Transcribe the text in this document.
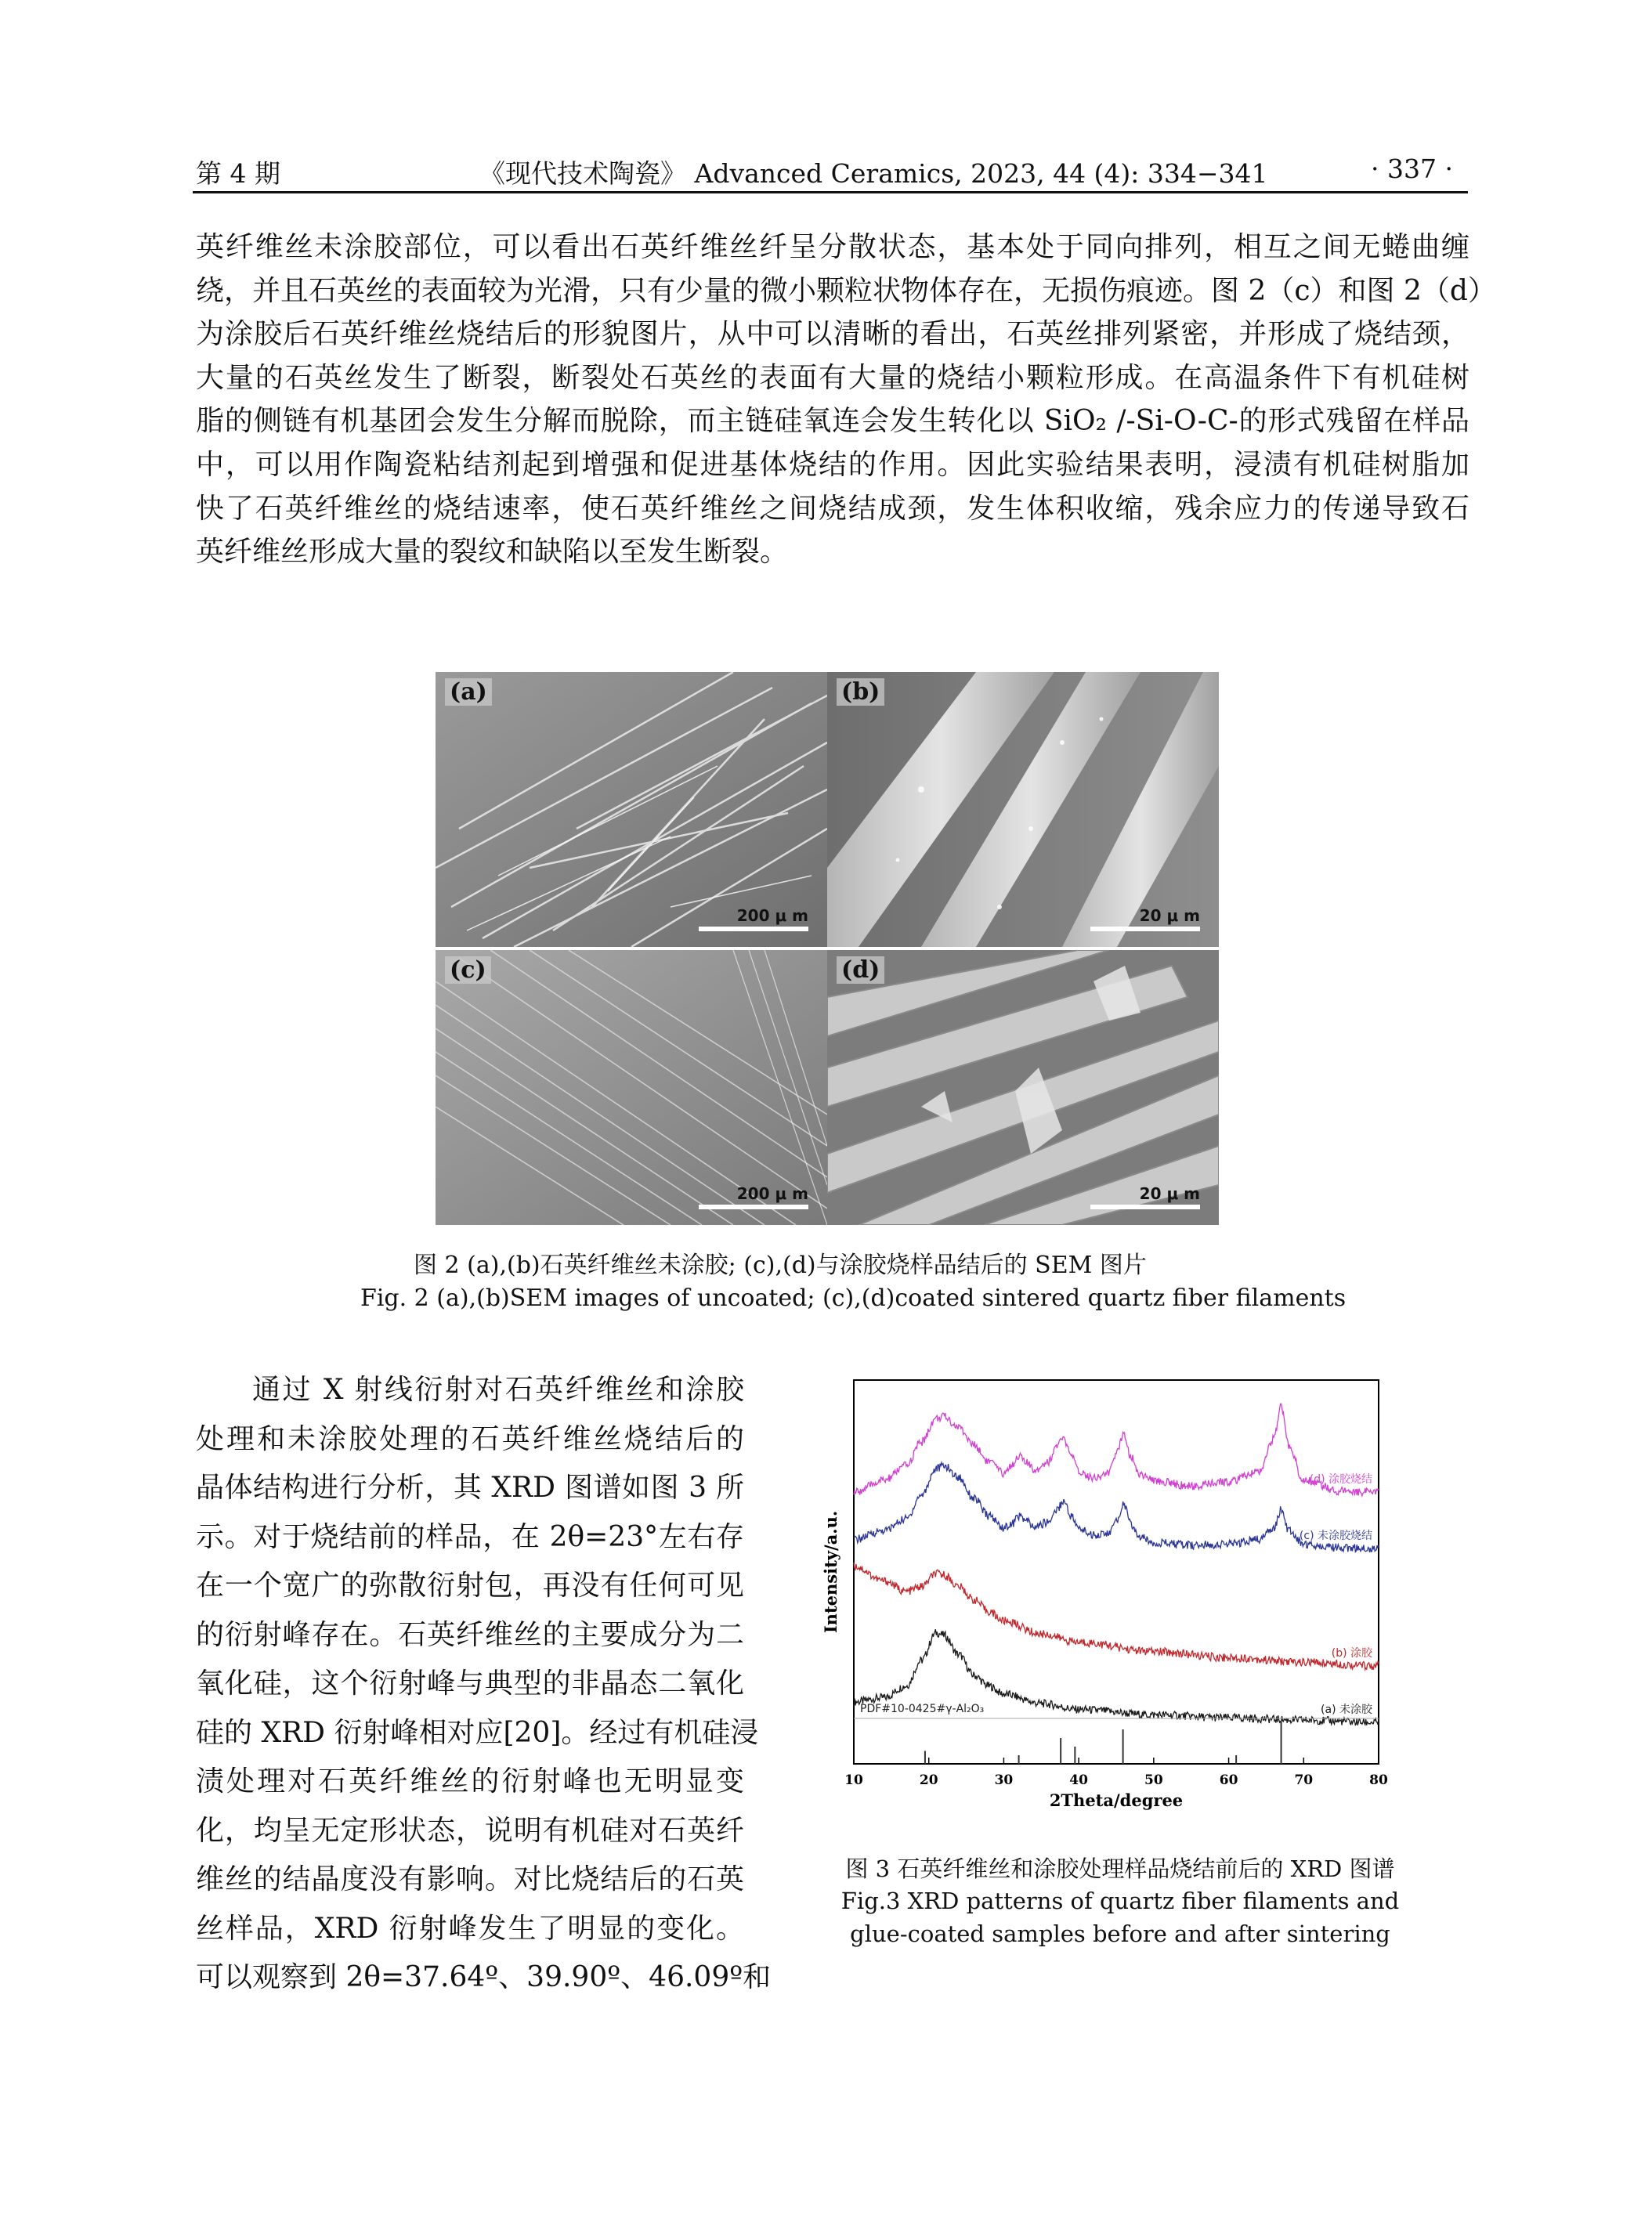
第 4 期	《现代技术陶瓷》 Advanced Ceramics, 2023, 44 (4): 334−341	· 337 ·
英纤维丝未涂胶部位，可以看出石英纤维丝纤呈分散状态，基本处于同向排列，相互之间无蜷曲缠
绕，并且石英丝的表面较为光滑，只有少量的微小颗粒状物体存在，无损伤痕迹。图 2（c）和图 2（d）
为涂胶后石英纤维丝烧结后的形貌图片，从中可以清晰的看出，石英丝排列紧密，并形成了烧结颈，
大量的石英丝发生了断裂，断裂处石英丝的表面有大量的烧结小颗粒形成。在高温条件下有机硅树
脂的侧链有机基团会发生分解而脱除，而主链硅氧连会发生转化以 SiO₂ /-Si-O-C-的形式残留在样品
中，可以用作陶瓷粘结剂起到增强和促进基体烧结的作用。因此实验结果表明，浸渍有机硅树脂加
快了石英纤维丝的烧结速率，使石英纤维丝之间烧结成颈，发生体积收缩，残余应力的传递导致石
英纤维丝形成大量的裂纹和缺陷以至发生断裂。
(a)
200 μ m
(b)
20 μ m
(c)
200 μ m
(d)
20 μ m
图 2 (a),(b)石英纤维丝未涂胶; (c),(d)与涂胶烧样品结后的 SEM 图片
Fig. 2 (a),(b)SEM images of uncoated; (c),(d)coated sintered quartz fiber filaments
通过 X 射线衍射对石英纤维丝和涂胶
处理和未涂胶处理的石英纤维丝烧结后的
晶体结构进行分析，其 XRD 图谱如图 3 所
示。对于烧结前的样品，在 2θ=23°左右存
在一个宽广的弥散衍射包，再没有任何可见
的衍射峰存在。石英纤维丝的主要成分为二
氧化硅，这个衍射峰与典型的非晶态二氧化
硅的 XRD 衍射峰相对应[20]。经过有机硅浸
渍处理对石英纤维丝的衍射峰也无明显变
化，均呈无定形状态，说明有机硅对石英纤
维丝的结晶度没有影响。对比烧结后的石英
丝样品，XRD 衍射峰发生了明显的变化。
可以观察到 2θ=37.64º、39.90º、46.09º和
PDF#10-0425#γ-Al₂O₃	(a) 未涂胶
(b) 涂胶
(c) 未涂胶烧结
(d) 涂胶烧结
10	20	30	40	50	60	70	80
2Theta/degree
Intensity/a.u.
图 3 石英纤维丝和涂胶处理样品烧结前后的 XRD 图谱
Fig.3 XRD patterns of quartz fiber filaments and
glue-coated samples before and after sintering
